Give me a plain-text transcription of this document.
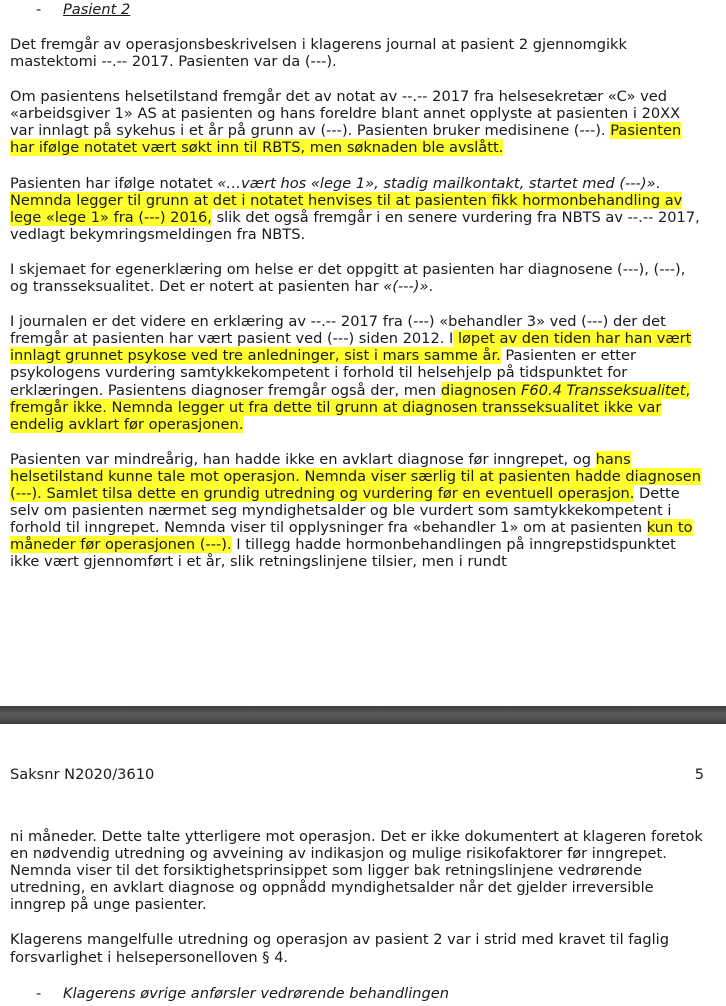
- Pasient 2

Det fremgår av operasjonsbeskrivelsen i klagerens journal at pasient 2 gjennomgikk mastektomi --.-- 2017. Pasienten var da (---).

Om pasientens helsetilstand fremgår det av notat av --.-- 2017 fra helsesekretær «C» ved «arbeidsgiver 1» AS at pasienten og hans foreldre blant annet opplyste at pasienten i 20XX var innlagt på sykehus i et år på grunn av (---). Pasienten bruker medisinene (---). Pasienten har ifølge notatet vært søkt inn til RBTS, men søknaden ble avslått.

Pasienten har ifølge notatet «…vært hos «lege 1», stadig mailkontakt, startet med (---)». Nemnda legger til grunn at det i notatet henvises til at pasienten fikk hormonbehandling av lege «lege 1» fra (---) 2016, slik det også fremgår i en senere vurdering fra NBTS av --.-- 2017, vedlagt bekymringsmeldingen fra NBTS.

I skjemaet for egenerklæring om helse er det oppgitt at pasienten har diagnosene (---), (---), og transseksualitet. Det er notert at pasienten har «(---)».

I journalen er det videre en erklæring av --.-- 2017 fra (---) «behandler 3» ved (---) der det fremgår at pasienten har vært pasient ved (---) siden 2012. I løpet av den tiden har han vært innlagt grunnet psykose ved tre anledninger, sist i mars samme år. Pasienten er etter psykologens vurdering samtykkekompetent i forhold til helsehjelp på tidspunktet for erklæringen. Pasientens diagnoser fremgår også der, men diagnosen F60.4 Transseksualitet, fremgår ikke. Nemnda legger ut fra dette til grunn at diagnosen transseksualitet ikke var endelig avklart før operasjonen.

Pasienten var mindreårig, han hadde ikke en avklart diagnose før inngrepet, og hans helsetilstand kunne tale mot operasjon. Nemnda viser særlig til at pasienten hadde diagnosen (---). Samlet tilsa dette en grundig utredning og vurdering før en eventuell operasjon. Dette selv om pasienten nærmet seg myndighetsalder og ble vurdert som samtykkekompetent i forhold til inngrepet. Nemnda viser til opplysninger fra «behandler 1» om at pasienten kun to måneder før operasjonen (---). I tillegg hadde hormonbehandlingen på inngrepstidspunktet ikke vært gjennomført i et år, slik retningslinjene tilsier, men i rundt

Saksnr N2020/3610	5

ni måneder. Dette talte ytterligere mot operasjon. Det er ikke dokumentert at klageren foretok en nødvendig utredning og avveining av indikasjon og mulige risikofaktorer før inngrepet. Nemnda viser til det forsiktighetsprinsippet som ligger bak retningslinjene vedrørende utredning, en avklart diagnose og oppnådd myndighetsalder når det gjelder irreversible inngrep på unge pasienter.

Klagerens mangelfulle utredning og operasjon av pasient 2 var i strid med kravet til faglig forsvarlighet i helsepersonelloven § 4.

- Klagerens øvrige anførsler vedrørende behandlingen
